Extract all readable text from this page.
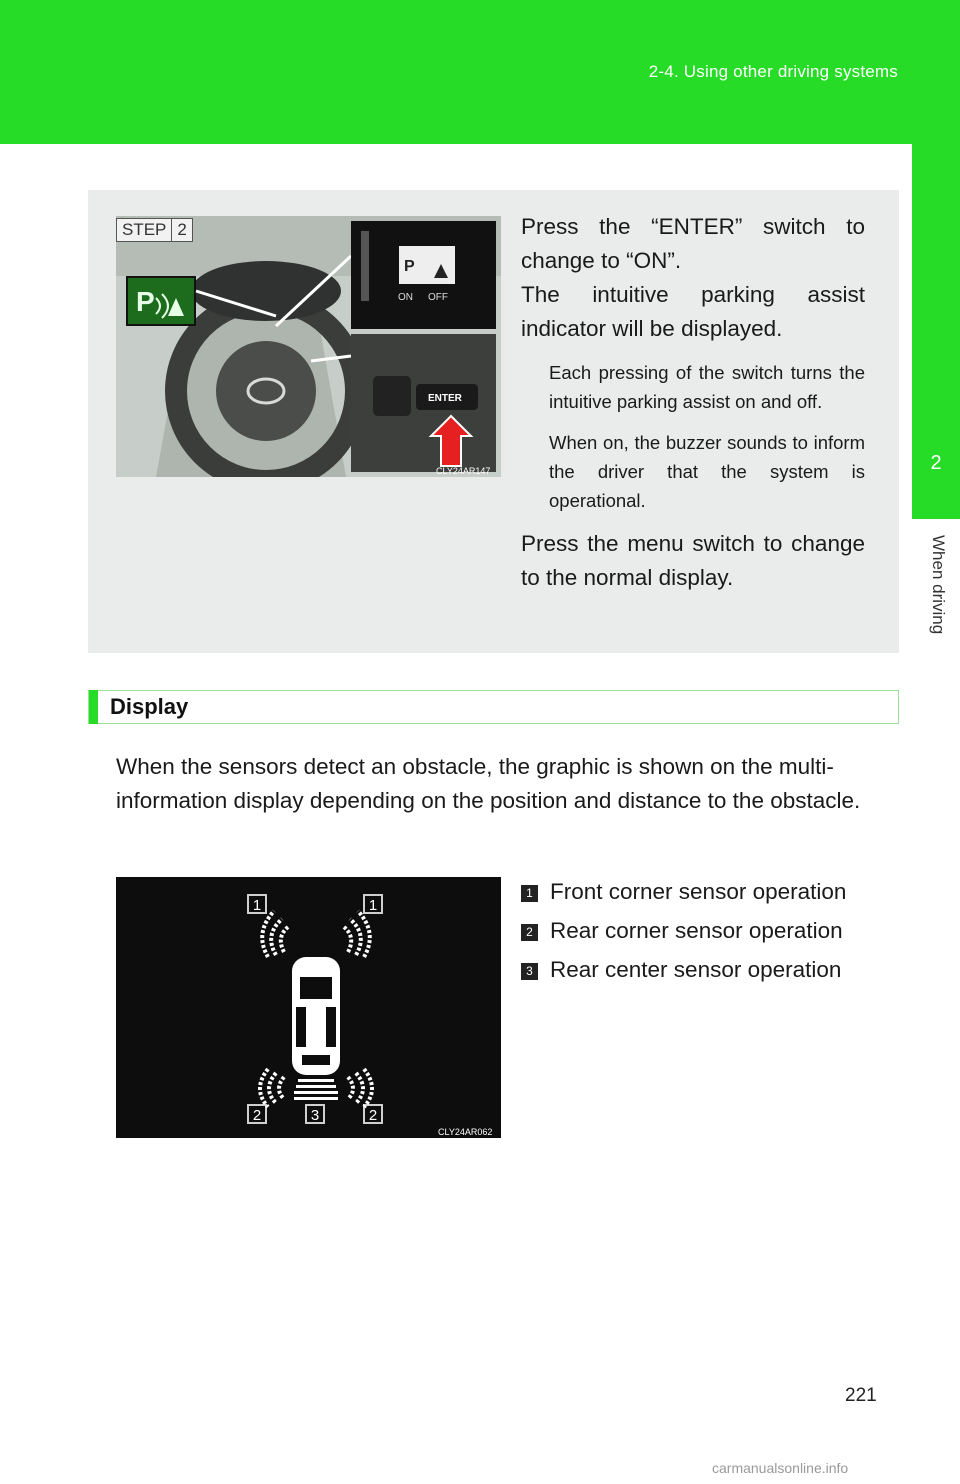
2-4. Using other driving systems
2
When driving
P
P
ON OFF
ENTER
CLY24AR147
STEP 2	Press the “ENTER” switch to change to “ON”.

The intuitive parking assist indicator will be displayed.

Each pressing of the switch turns the intuitive parking assist on and off.

When on, the buzzer sounds to inform the driver that the system is operational.

Press the menu switch to change to the normal display.

Display

When the sensors detect an obstacle, the graphic is shown on the multi-information display depending on the position and distance to the obstacle.

1	1
2	3	2
CLY24AR062
1 Front corner sensor operation
2 Rear corner sensor operation
3 Rear center sensor operation
221
carmanualsonline.info
